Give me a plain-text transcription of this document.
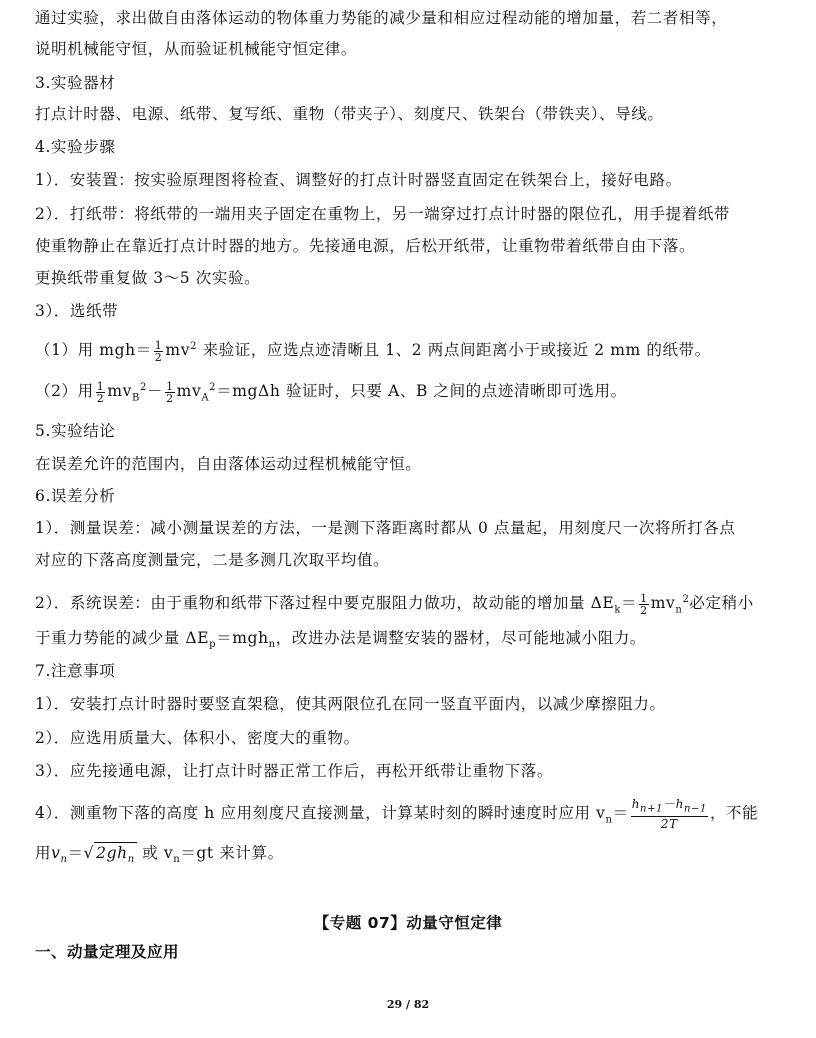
通过实验，求出做自由落体运动的物体重力势能的减少量和相应过程动能的增加量，若二者相等，
说明机械能守恒，从而验证机械能守恒定律。
3.实验器材
打点计时器、电源、纸带、复写纸、重物（带夹子）、刻度尺、铁架台（带铁夹）、导线。
4.实验步骤
1）．安装置：按实验原理图将检查、调整好的打点计时器竖直固定在铁架台上，接好电路。
2）．打纸带：将纸带的一端用夹子固定在重物上，另一端穿过打点计时器的限位孔，用手提着纸带
使重物静止在靠近打点计时器的地方。先接通电源，后松开纸带，让重物带着纸带自由下落。
更换纸带重复做 3～5 次实验。
3）．选纸带
（1）用 $mgh= \frac{1}{2} mv^2$ 来验证，应选点迹清晰且 1、2 两点间距离小于或接近 2 mm 的纸带。
（2）用 $\frac{1}{2} mv_B^2- \frac{1}{2} mv_A^2=mg\Delta h$ 验证时，只要 A、B 之间的点迹清晰即可选用。
5.实验结论
在误差允许的范围内，自由落体运动过程机械能守恒。
6.误差分析
1）．测量误差：减小测量误差的方法，一是测下落距离时都从 0 点量起，用刻度尺一次将所打各点
对应的下落高度测量完，二是多测几次取平均值。
2）．系统误差：由于重物和纸带下落过程中要克服阻力做功，故动能的增加量 $\Delta E_k= \frac{1}{2} mv_n^2$必定稍小
于重力势能的减少量 $\Delta E_p=mgh_n$，改进办法是调整安装的器材，尽可能地减小阻力。
7.注意事项
1）．安装打点计时器时要竖直架稳，使其两限位孔在同一竖直平面内，以减少摩擦阻力。
2）．应选用质量大、体积小、密度大的重物。
3）．应先接通电源，让打点计时器正常工作后，再松开纸带让重物下落。
4）．测重物下落的高度 h 应用刻度尺直接测量，计算某时刻的瞬时速度时应用 $v_n= \frac{h_{n+1}-h_{n-1}}{2T}$ ，不能
用$v_n=√$ $2gh_n$ 或 $v_n=gt$ 来计算。
【专题 07】动量守恒定律
一、动量定理及应用
29 / 82
